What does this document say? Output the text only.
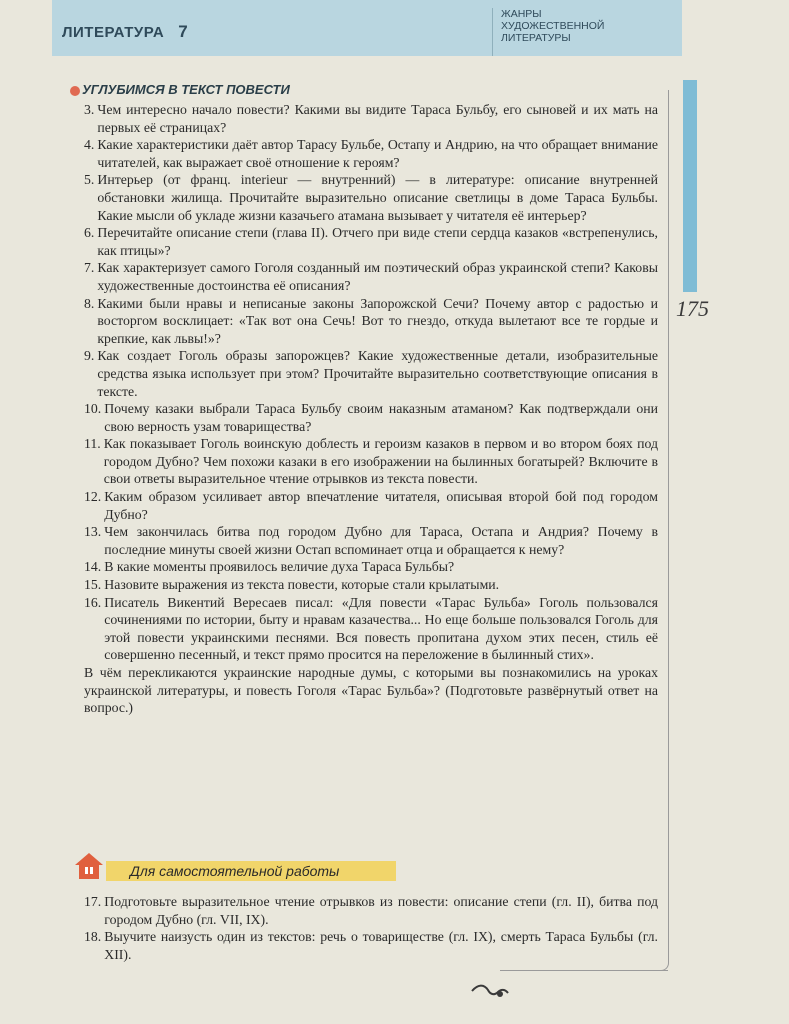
ЛИТЕРАТУРА 7
ЖАНРЫ
ХУДОЖЕСТВЕННОЙ
ЛИТЕРАТУРЫ
175
УГЛУБИМСЯ В ТЕКСТ ПОВЕСТИ
3. Чем интересно начало повести? Какими вы видите Тараса Бульбу, его сыновей и их мать на первых её страницах?
4. Какие характеристики даёт автор Тарасу Бульбе, Остапу и Андрию, на что обращает внимание читателей, как выражает своё отношение к героям?
5. Интерьер (от франц. interieur — внутренний) — в литературе: описание внутренней обстановки жилища. Прочитайте выразительно описание светлицы в доме Тараса Бульбы. Какие мысли об укладе жизни казачьего атамана вызывает у читателя её интерьер?
6. Перечитайте описание степи (глава II). Отчего при виде степи сердца казаков «встрепенулись, как птицы»?
7. Как характеризует самого Гоголя созданный им поэтический образ украинской степи? Каковы художественные достоинства её описания?
8. Какими были нравы и неписаные законы Запорожской Сечи? Почему автор с радостью и восторгом восклицает: «Так вот она Сечь! Вот то гнездо, откуда вылетают все те гордые и крепкие, как львы!»?
9. Как создает Гоголь образы запорожцев? Какие художественные детали, изобразительные средства языка использует при этом? Прочитайте выразительно соответствующие описания в тексте.
10. Почему казаки выбрали Тараса Бульбу своим наказным атаманом? Как подтверждали они свою верность узам товарищества?
11. Как показывает Гоголь воинскую доблесть и героизм казаков в первом и во втором боях под городом Дубно? Чем похожи казаки в его изображении на былинных богатырей? Включите в свои ответы выразительное чтение отрывков из текста повести.
12. Каким образом усиливает автор впечатление читателя, описывая второй бой под городом Дубно?
13. Чем закончилась битва под городом Дубно для Тараса, Остапа и Андрия? Почему в последние минуты своей жизни Остап вспоминает отца и обращается к нему?
14. В какие моменты проявилось величие духа Тараса Бульбы?
15. Назовите выражения из текста повести, которые стали крылатыми.
16. Писатель Викентий Вересаев писал: «Для повести «Тарас Бульба» Гоголь пользовался сочинениями по истории, быту и нравам казачества... Но еще больше пользовался Гоголь для этой повести украинскими песнями. Вся повесть пропитана духом этих песен, стиль её совершенно песенный, и текст прямо просится на переложение в былинный стих».
В чём перекликаются украинские народные думы, с которыми вы познакомились на уроках украинской литературы, и повесть Гоголя «Тарас Бульба»? (Подготовьте развёрнутый ответ на вопрос.)
Для самостоятельной работы
17. Подготовьте выразительное чтение отрывков из повести: описание степи (гл. II), битва под городом Дубно (гл. VII, IX).
18. Выучите наизусть один из текстов: речь о товариществе (гл. IX), смерть Тараса Бульбы (гл. XII).
